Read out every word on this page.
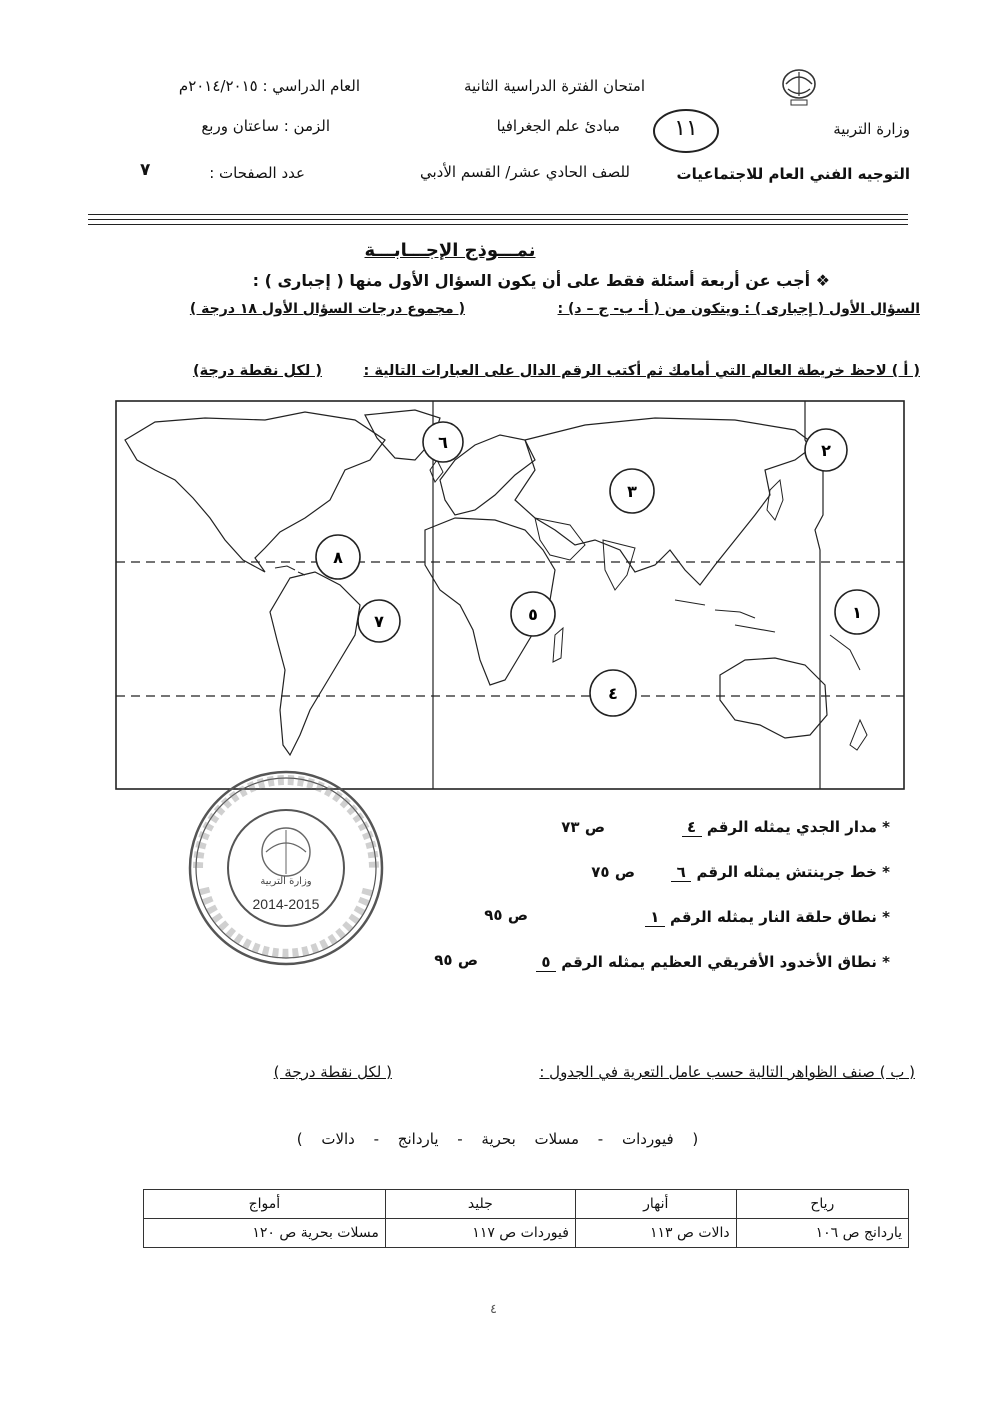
امتحان الفترة الدراسية الثانية
العام الدراسي : ٢٠١٤/٢٠١٥م
وزارة التربية
مبادئ علم الجغرافيا
الزمن : ساعتان وربع	١١
التوجيه الفني العام للاجتماعيات
للصف الحادي عشر/ القسم الأدبي
عدد الصفحات :
٧
نمـــوذج الإجـــابـــة
❖ أجب عن أربعة أسئلة فقط على أن يكون السؤال الأول منها ( إجبارى ) :
السؤال الأول ( إجبارى ) : ويتكون من ( أ- ب- ج – د) :
( مجموع درجات السؤال الأول ١٨ درجة )
( أ ) لاحظ خريطة العالم التي أمامك ثم أكتب الرقم الدال على العبارات التالية :
( لكل نقطة درجة)
٦	٢
٣
٨
٧	٥	١
٤
وزارة التربية
2014-2015
* مدار الجدي يمثله الرقم ٤
ص ٧٣
* خط جرينتش يمثله الرقم ٦
ص ٧٥
* نطاق حلقة النار يمثله الرقم ١
ص ٩٥
* نطاق الأخدود الأفريقي العظيم يمثله الرقم ٥
ص ٩٥
( ب ) صنف الظواهر التالية حسب عامل التعرية في الجدول :
( لكل نقطة درجة )
( فيوردات - مسلات بحرية - ياردانج - دالات )
رياح	أنهار	جليد	أمواج
ياردانج ص ١٠٦	دالات ص ١١٣	فيوردات ص ١١٧	مسلات بحرية ص ١٢٠
٤
